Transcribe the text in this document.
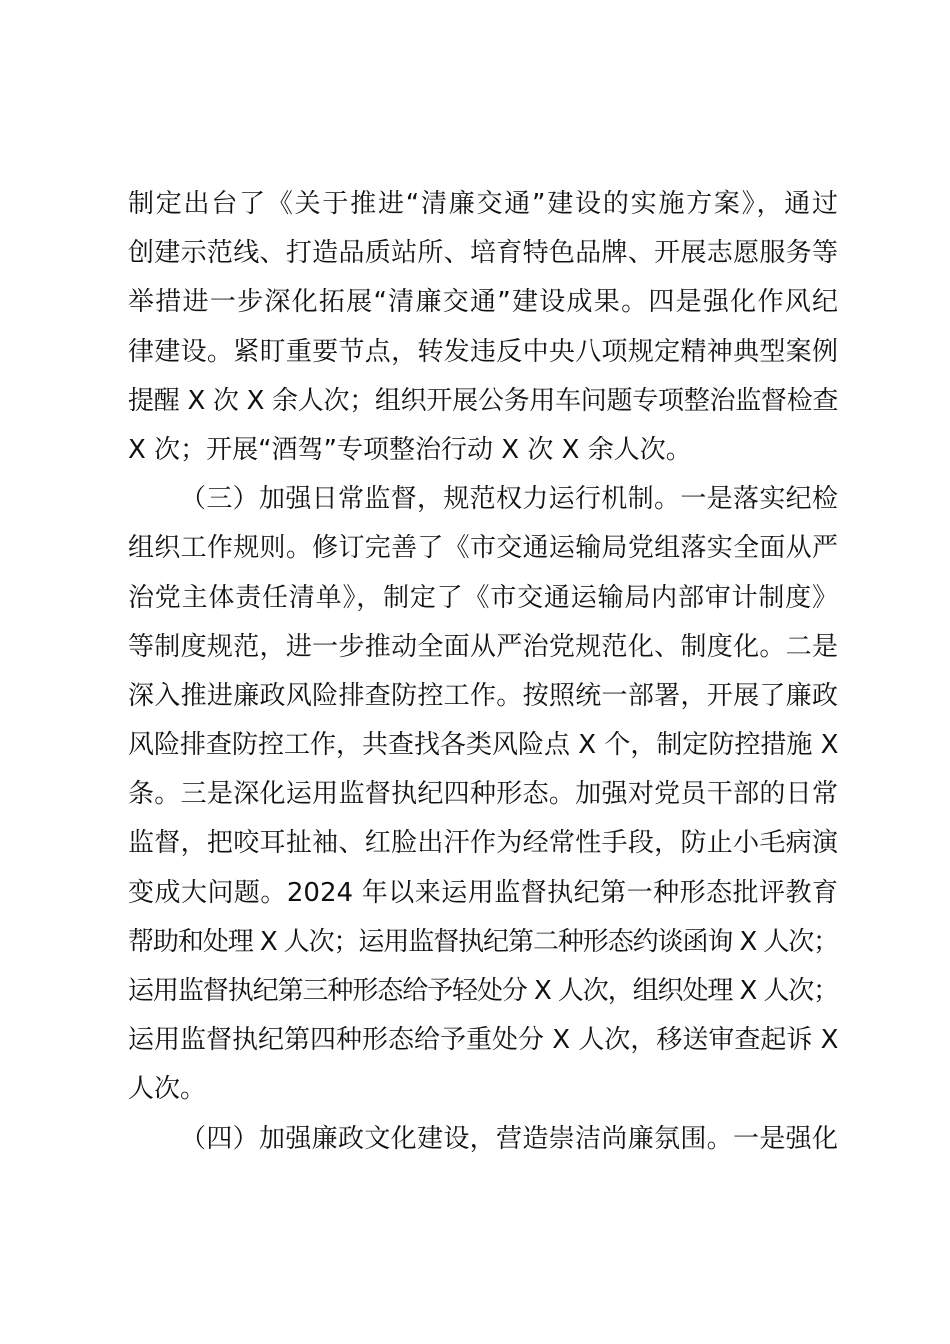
制定出台了《关于推进“清廉交通”建设的实施方案》，通过
创建示范线、打造品质站所、培育特色品牌、开展志愿服务等
举措进一步深化拓展“清廉交通”建设成果。四是强化作风纪
律建设。紧盯重要节点，转发违反中央八项规定精神典型案例
提醒 X 次 X 余人次；组织开展公务用车问题专项整治监督检查
X 次；开展“酒驾”专项整治行动 X 次 X 余人次。
（三）加强日常监督，规范权力运行机制。一是落实纪检
组织工作规则。修订完善了《市交通运输局党组落实全面从严
治党主体责任清单》，制定了《市交通运输局内部审计制度》
等制度规范，进一步推动全面从严治党规范化、制度化。二是
深入推进廉政风险排查防控工作。按照统一部署，开展了廉政
风险排查防控工作，共查找各类风险点 X 个，制定防控措施 X
条。三是深化运用监督执纪四种形态。加强对党员干部的日常
监督，把咬耳扯袖、红脸出汗作为经常性手段，防止小毛病演
变成大问题。2024 年以来运用监督执纪第一种形态批评教育
帮助和处理 X 人次；运用监督执纪第二种形态约谈函询 X 人次；
运用监督执纪第三种形态给予轻处分 X 人次，组织处理 X 人次；
运用监督执纪第四种形态给予重处分 X 人次，移送审查起诉 X
人次。
（四）加强廉政文化建设，营造崇洁尚廉氛围。一是强化
